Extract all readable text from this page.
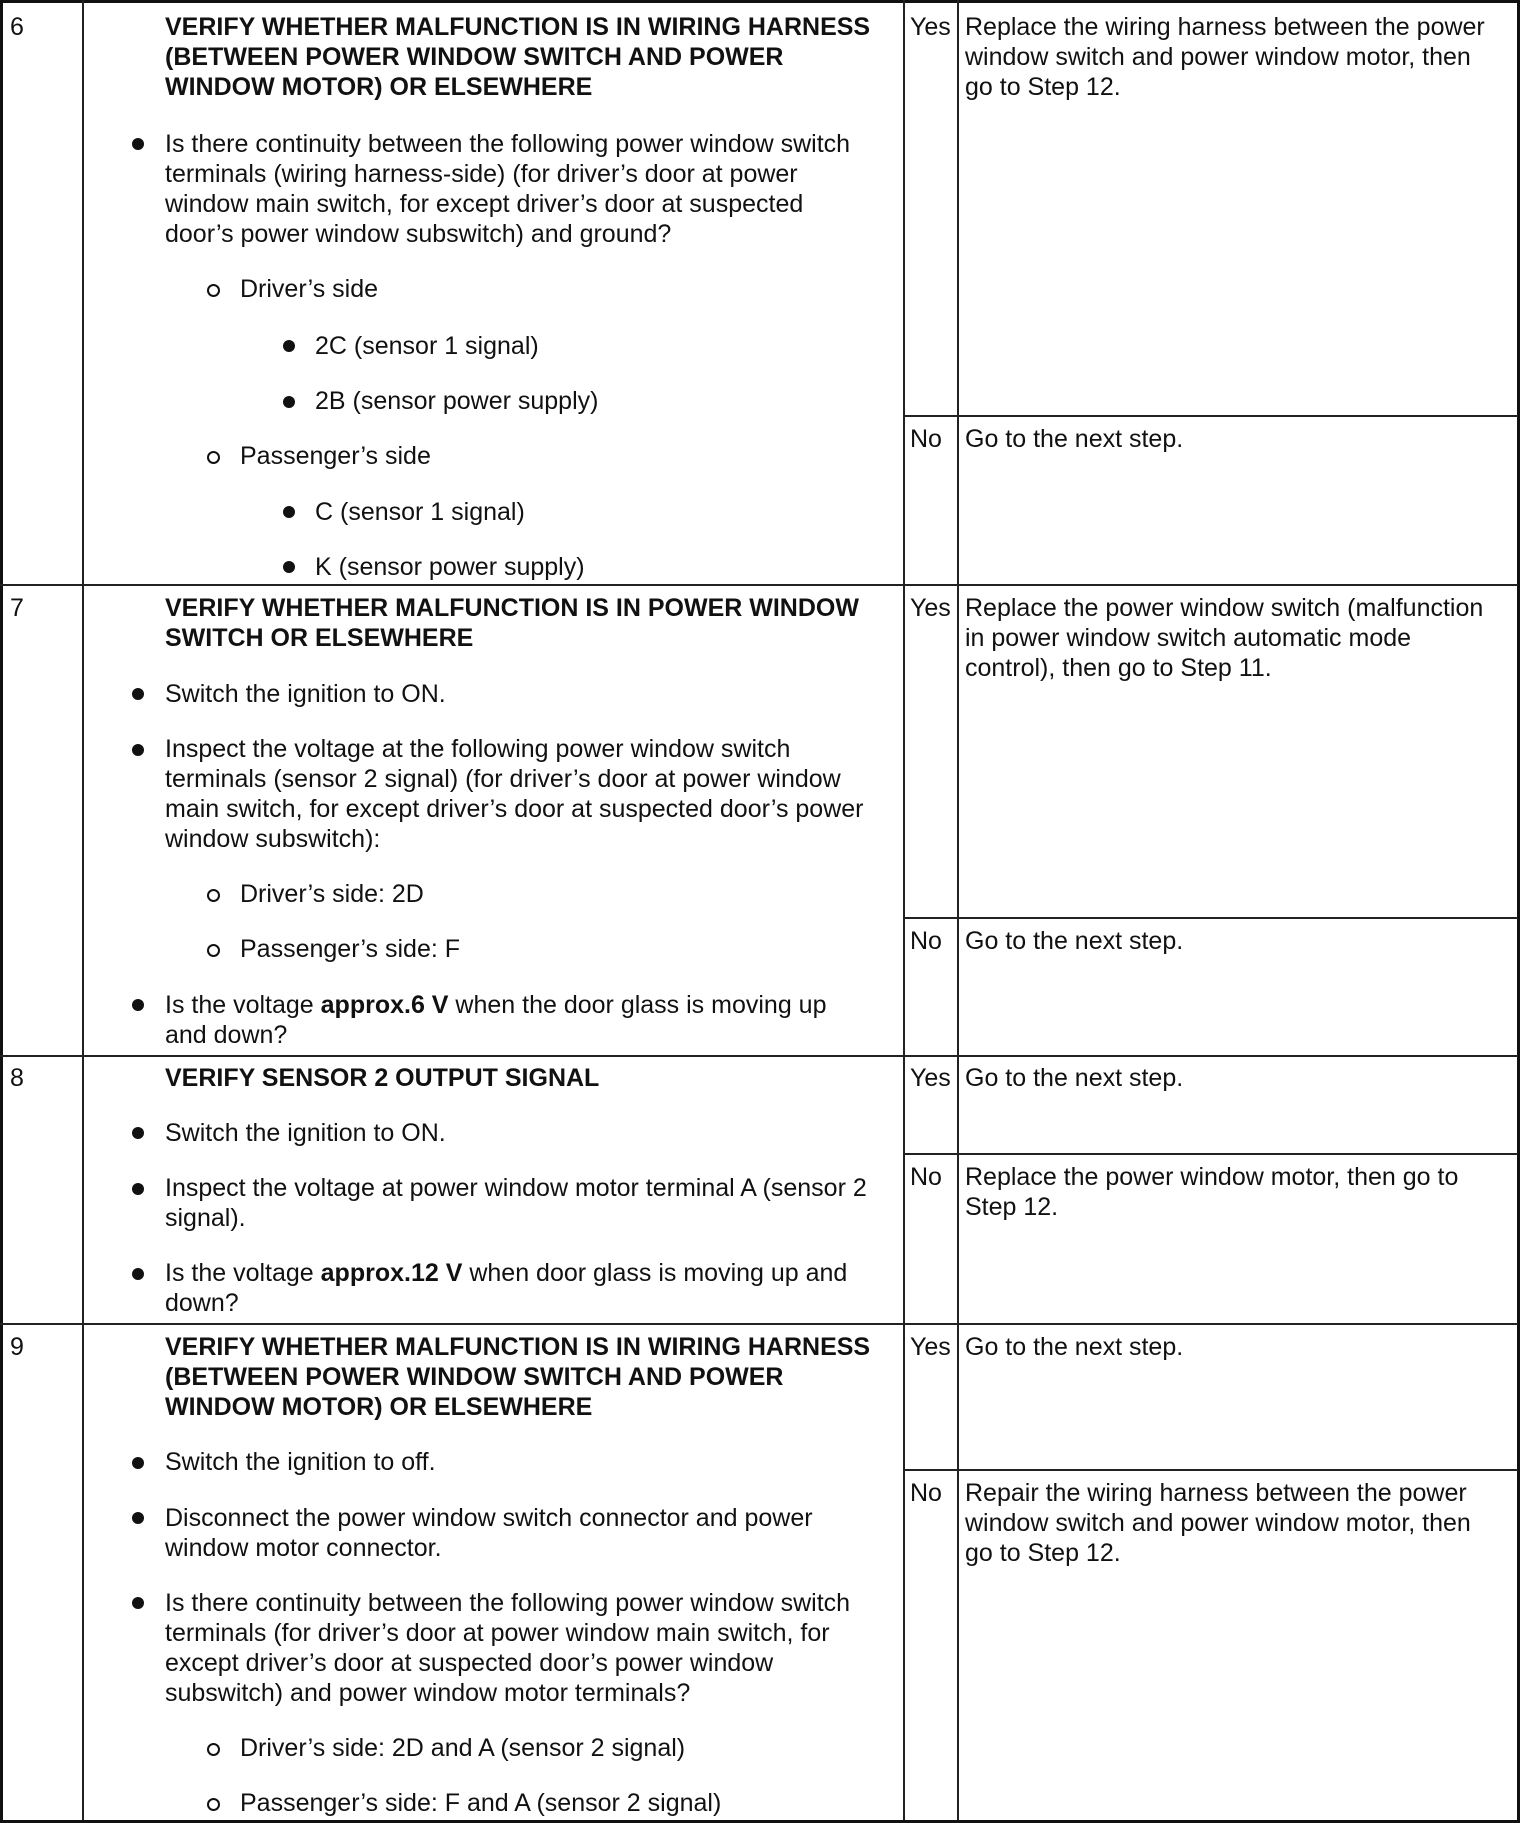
6	VERIFY WHETHER MALFUNCTION IS IN WIRING HARNESS
(BETWEEN POWER WINDOW SWITCH AND POWER
WINDOW MOTOR) OR ELSEWHERE
Is there continuity between the following power window switch
terminals (wiring harness-side) (for driver’s door at power
window main switch, for except driver’s door at suspected
door’s power window subswitch) and ground?
Driver’s side
2C (sensor 1 signal)
2B (sensor power supply)
Passenger’s side
C (sensor 1 signal)
K (sensor power supply)
Yes Replace the wiring harness between the power
window switch and power window motor, then
go to Step 12.
No Go to the next step.
7	VERIFY WHETHER MALFUNCTION IS IN POWER WINDOW
SWITCH OR ELSEWHERE
Switch the ignition to ON.
Inspect the voltage at the following power window switch
terminals (sensor 2 signal) (for driver’s door at power window
main switch, for except driver’s door at suspected door’s power
window subswitch):
Driver’s side: 2D
Passenger’s side: F
Is the voltage approx.6 V when the door glass is moving up
and down?
Yes Replace the power window switch (malfunction
in power window switch automatic mode
control), then go to Step 11.
No Go to the next step.
8	VERIFY SENSOR 2 OUTPUT SIGNAL
Switch the ignition to ON.
Inspect the voltage at power window motor terminal A (sensor 2
signal).
Is the voltage approx.12 V when door glass is moving up and
down?
Yes Go to the next step.
No Replace the power window motor, then go to
Step 12.
9	VERIFY WHETHER MALFUNCTION IS IN WIRING HARNESS
(BETWEEN POWER WINDOW SWITCH AND POWER
WINDOW MOTOR) OR ELSEWHERE
Switch the ignition to off.
Disconnect the power window switch connector and power
window motor connector.
Is there continuity between the following power window switch
terminals (for driver’s door at power window main switch, for
except driver’s door at suspected door’s power window
subswitch) and power window motor terminals?
Driver’s side: 2D and A (sensor 2 signal)
Passenger’s side: F and A (sensor 2 signal)
Yes Go to the next step.
No Repair the wiring harness between the power
window switch and power window motor, then
go to Step 12.
